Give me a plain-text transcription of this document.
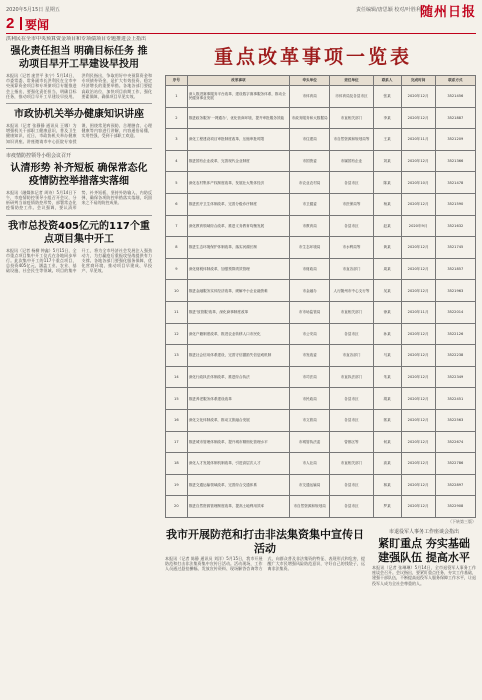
2020年5月15日 星期五	责任编辑/唐思颖 校对/叶胜利
随州日报
2 要闻
洪利民在全市中央预算资金项目和专项债项目专题推进会上指出
强化责任担当 明确目标任务 推动项目早开工早建设早投用
本报讯（记者 庞世平 张宁）5月14日，市委常委、常务副市长洪利民在全市中央预算资金项目和专项债项目专题推进会上指出，要强化责任担当，明确目标任务，推动项目早开工早建设早投用。洪利民指出，争取用好中央预算资金和专项债券资金，是扩大有效投资、稳定经济增长的重要举措。各地各部门要提高政治站位，加快项目前期工作，强化要素保障，确保项目早见实效。
市政协机关举办健康知识讲座
本报讯（记者 张静静 通讯员 王娜）为增强机关干部职工健康意识，普及卫生健康知识，近日，市政协机关举办健康知识讲座。讲座邀请市中心医院专家授课，围绕常见病预防、合理膳食、心理健康等内容进行讲解，内容通俗易懂，实用性强，受到干部职工欢迎。
市疫情防控领导小组会议召开
认清形势 补齐短板 确保常态化疫情防控举措落实落细
本报讯（融媒体记者 周诗）5月14日下午，市疫情防控领导小组召开会议，分析研判当前疫情防控形势，部署常态化疫情防控工作。会议强调，要认清形势，补齐短板，坚持外防输入、内防反弹，确保各项防控举措落实落细，巩固来之不易的防控成果。
我市总投资405亿元的117个重点项目集中开工
本报讯（记者 杨柳 钟鑫）5月15日，全市重点项目集中开工仪式在各地同步举行。此次集中开工的117个重点项目，总投资405亿元，涵盖工业、农业、基础设施、社会民生等领域。项目的集中开工，将为全市经济社会发展注入强劲动力，为打赢疫后重振攻坚战提供有力支撑。各地各部门要强化服务保障，优化营商环境，推动项目早建成、早投产、早见效。
重点改革事项一览表
序号	改革事项	牵头单位	责任单位	联系人	完成时间	联系方式
1	深入推进赛事服务平台改革，建设数字赛事服务体系，推动全民健身事业发展	市体育局	市体育局及各县市区	张某	2020年12月	3521456
2	推进政务服务'一网通办'，优化营商环境，提升审批服务效能	市政务服务和大数据局	市直相关部门	李某	2020年12月	3521887
3	深化工程建设项目审批制度改革，压缩审批时限	市住建局	市自然资源和规划局等	王某	2020年11月	3521209
4	推进国有企业改革，完善现代企业制度	市国资委	市属国有企业	刘某	2020年12月	3521366
5	深化农村集体产权制度改革，发展壮大集体经济	市农业农村局	各县市区	陈某	2020年10月	3521478
6	推进医疗卫生体制改革，完善分级诊疗制度	市卫健委	市医保局等	杨某	2020年12月	3521590
7	深化教育领域综合改革，推进义务教育均衡发展	市教育局	各县市区	赵某	2020年9月	3521632
8	推进生态环境保护体制改革，落实河湖长制	市生态环境局	市水利局等	黄某	2020年12月	3521745
9	深化财税体制改革，加强预算绩效管理	市财政局	市直各部门	周某	2020年12月	3521857
10	推进金融服务实体经济改革，缓解中小企业融资难	市金融办	人行随州市中心支行等	吴某	2020年12月	3521963
11	推进'放管服'改革，深化商事制度改革	市市场监管局	市直相关部门	徐某	2020年11月	3522014
12	深化户籍制度改革，推进农业转移人口市民化	市公安局	各县市区	孙某	2020年12月	3522126
13	推进社会信用体系建设，完善守信激励失信惩戒机制	市发改委	市直各部门	马某	2020年12月	3522238
14	深化行政执法体制改革，推进综合执法	市司法局	市直执法部门	朱某	2020年12月	3522349
15	推进养老服务体系建设改革	市民政局	各县市区	胡某	2020年12月	3522451
16	深化文化体制改革，推动文旅融合发展	市文旅局	各县市区	郭某	2020年12月	3522563
17	推进城市管理体制改革，提升城市精细化管理水平	市城管执法委	曾都区等	何某	2020年12月	3522674
18	深化人才发展体制机制改革，引进高层次人才	市人社局	市直相关部门	高某	2020年12月	3522786
19	推进交通运输领域改革，完善综合交通体系	市交通运输局	各县市区	林某	2020年12月	3522897
20	推进自然资源管理制度改革，提高土地利用效率	市自然资源和规划局	各县市区	罗某	2020年12月	3522908
（下转第三版）
我市开展防范和打击非法集资集中宣传日活动
本报讯（记者 陈静 通讯员 刘洋）5月15日，我市开展防范和打击非法集资集中宣传日活动。活动现场，工作人员通过悬挂横幅、发放宣传资料、现场解答咨询等方式，向群众普及非法集资的特征、表现形式和危害，提醒广大市民增强风险防范意识，守好自己的钱袋子，远离非法集资。
市退役军人事务工作座谈会指出
紧盯重点 夯实基础 建强队伍 提高水平
本报讯（记者 张琳琳）5月14日，全市退役军人事务工作座谈会召开。会议指出，要紧盯重点任务，夯实工作基础，建强干部队伍，不断提高退役军人服务保障工作水平，让退役军人成为全社会尊重的人。
